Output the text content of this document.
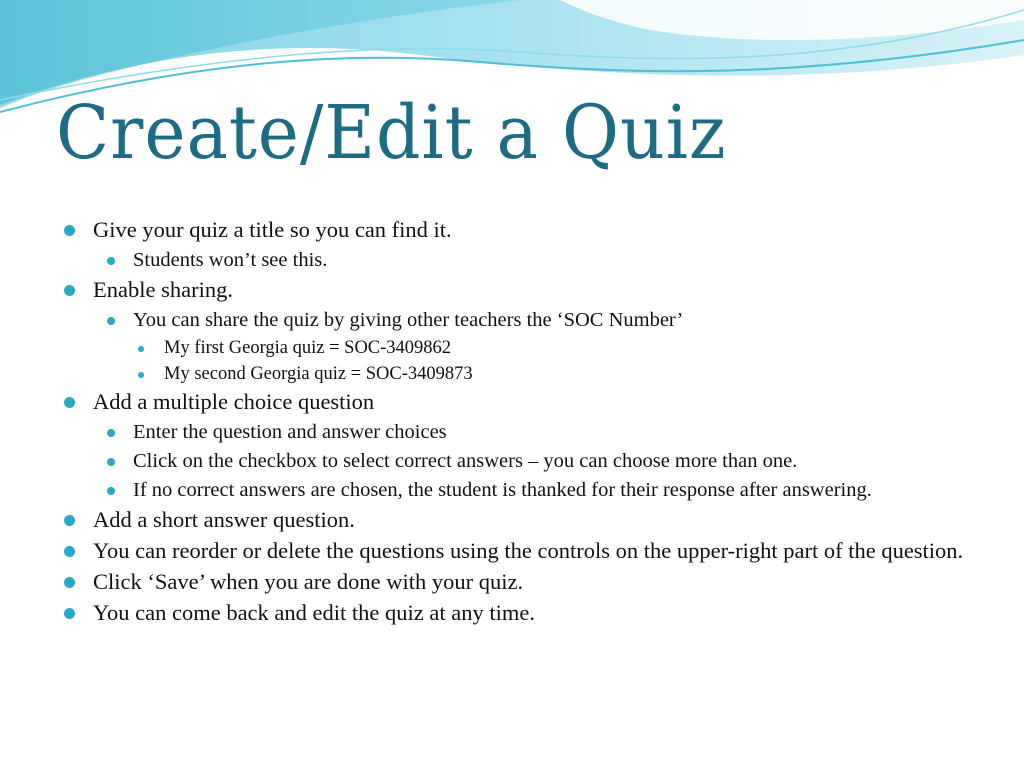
Create/Edit a Quiz
Give your quiz a title so you can find it.
Students won’t see this.
Enable sharing.
You can share the quiz by giving other teachers the ‘SOC Number’
My first Georgia quiz = SOC-3409862
My second Georgia quiz = SOC-3409873
Add a multiple choice question
Enter the question and answer choices
Click on the checkbox to select correct answers – you can choose more than one.
If no correct answers are chosen, the student is thanked for their response after answering.
Add a short answer question.
You can reorder or delete the questions using the controls on the upper-right part of the question.
Click ‘Save’ when you are done with your quiz.
You can come back and edit the quiz at any time.
